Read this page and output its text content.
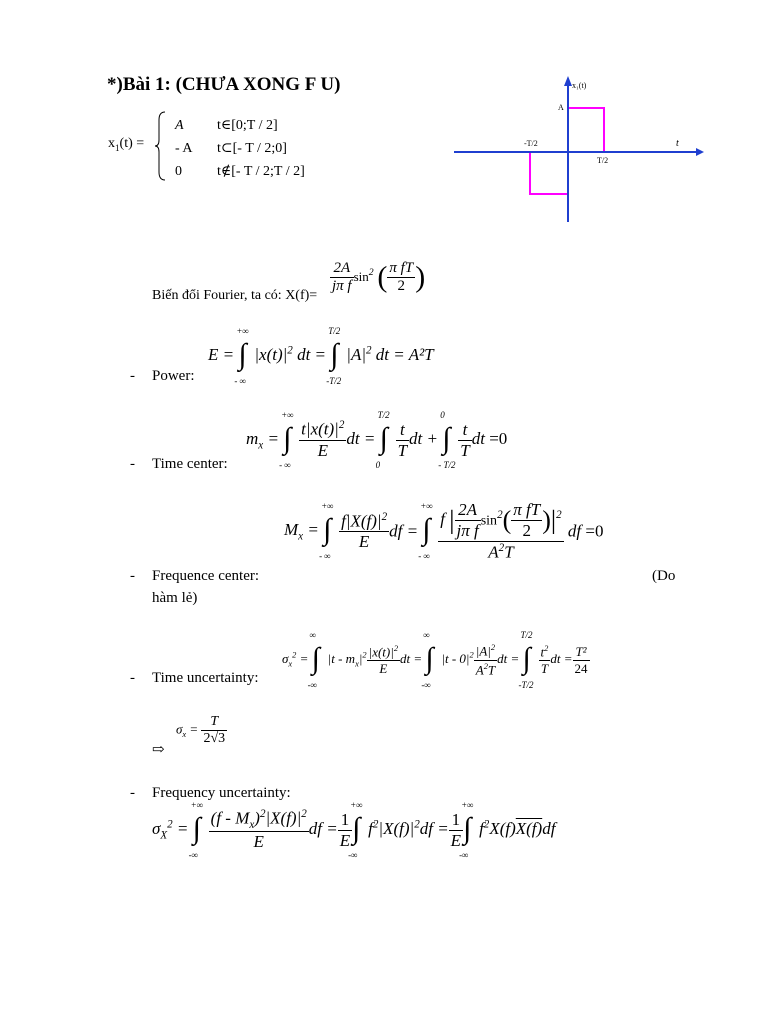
*)Bài 1: (CHƯA XONG F U)
$x_1(t)$ =
A t∈[0;T / 2]
- A t⊂[- T / 2;0]
0	t∉[- T / 2;T / 2]
x₁(t)
t
A
-T/2
T/2
Biến đổi Fourier, ta có: X(f)=
$\frac{2A}{\text{jπ f}} \sin^2$ ( $\frac{\text{π fT}}{2}$ )
- Power:
E =
+∞
∫
- ∞
$|x(t)|^2$ dt =
T/2
∫
-T/2
$|A|^2$ dt = A²T
- Time center:
$m_x$ =
+∞
∫
- ∞
$\frac{t|x(t)|^2}{E}$ dt =
T/2
∫
0
$\frac{t}{T}$ dt +
0
∫
- T/2
$\frac{t}{T}$ dt =0
- Frequence center:
hàm lẻ)
(Do
$M_x$ =
+∞
∫
- ∞
$\frac{f|X(f)|^2}{E}$ df =
+∞
∫
- ∞ $\frac{f | \frac{2A}{\text{jπ f}} \sin^2( \frac{\text{π fT}}{2} )|^2}{A^2T}$ df =0
- Time uncertainty:
$\sigma_x^2$ =
∞
∫
-∞
$|t - m_x|^2 \frac{|x(t)|^2}{E}$ dt =
∞
∫
-∞
$|t - 0|^2 \frac{|A|^2}{A^2T}$ dt =
T/2
∫
-T/2
$\frac{t^2}{T}$ dt = $\frac{\text{T²}}{24}$
⇨
$\sigma_x = \frac{T}{2√3}$
- Frequency uncertainty:
$\sigma_X^2$ =
+∞
∫
-∞
$\frac{(f - M_x)^2|X(f)|^2}{E}$ df = $\frac{1}{E}$
+∞
∫
-∞
$f^2|X(f)|^2df = \frac{1}{E}$
+∞
∫
-∞
$f^2X(f)X(f)df$
